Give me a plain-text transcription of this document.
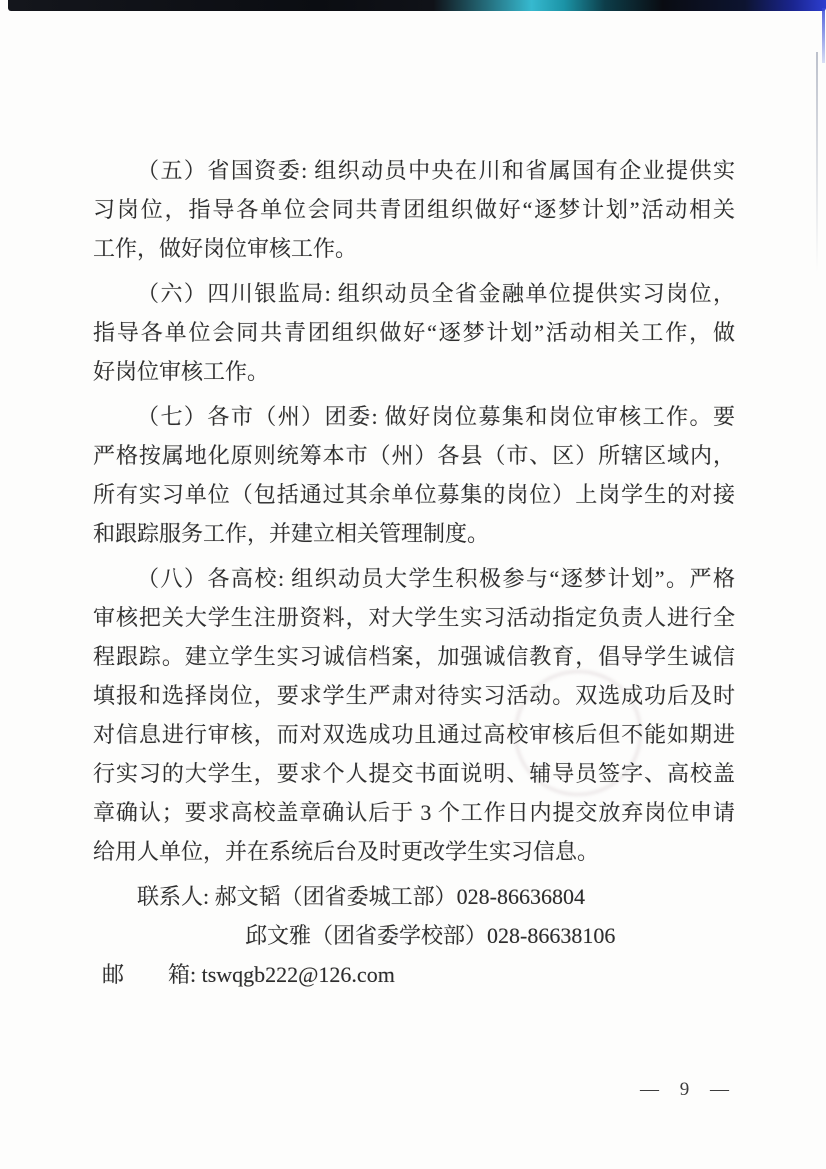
（五）省国资委: 组织动员中央在川和省属国有企业提供实
习岗位，指导各单位会同共青团组织做好“逐梦计划”活动相关
工作，做好岗位审核工作。
（六）四川银监局: 组织动员全省金融单位提供实习岗位，
指导各单位会同共青团组织做好“逐梦计划”活动相关工作，做
好岗位审核工作。
（七）各市（州）团委: 做好岗位募集和岗位审核工作。要
严格按属地化原则统筹本市（州）各县（市、区）所辖区域内，
所有实习单位（包括通过其余单位募集的岗位）上岗学生的对接
和跟踪服务工作，并建立相关管理制度。
（八）各高校: 组织动员大学生积极参与“逐梦计划”。严格
审核把关大学生注册资料，对大学生实习活动指定负责人进行全
程跟踪。建立学生实习诚信档案，加强诚信教育，倡导学生诚信
填报和选择岗位，要求学生严肃对待实习活动。双选成功后及时
对信息进行审核，而对双选成功且通过高校审核后但不能如期进
行实习的大学生，要求个人提交书面说明、辅导员签字、高校盖
章确认；要求高校盖章确认后于 3 个工作日内提交放弃岗位申请
给用人单位，并在系统后台及时更改学生实习信息。
联系人: 郝文韬（团省委城工部）028-86636804
邱文雅（团省委学校部）028-86638106
邮　　箱: tswqgb222@126.com
— 9 —
